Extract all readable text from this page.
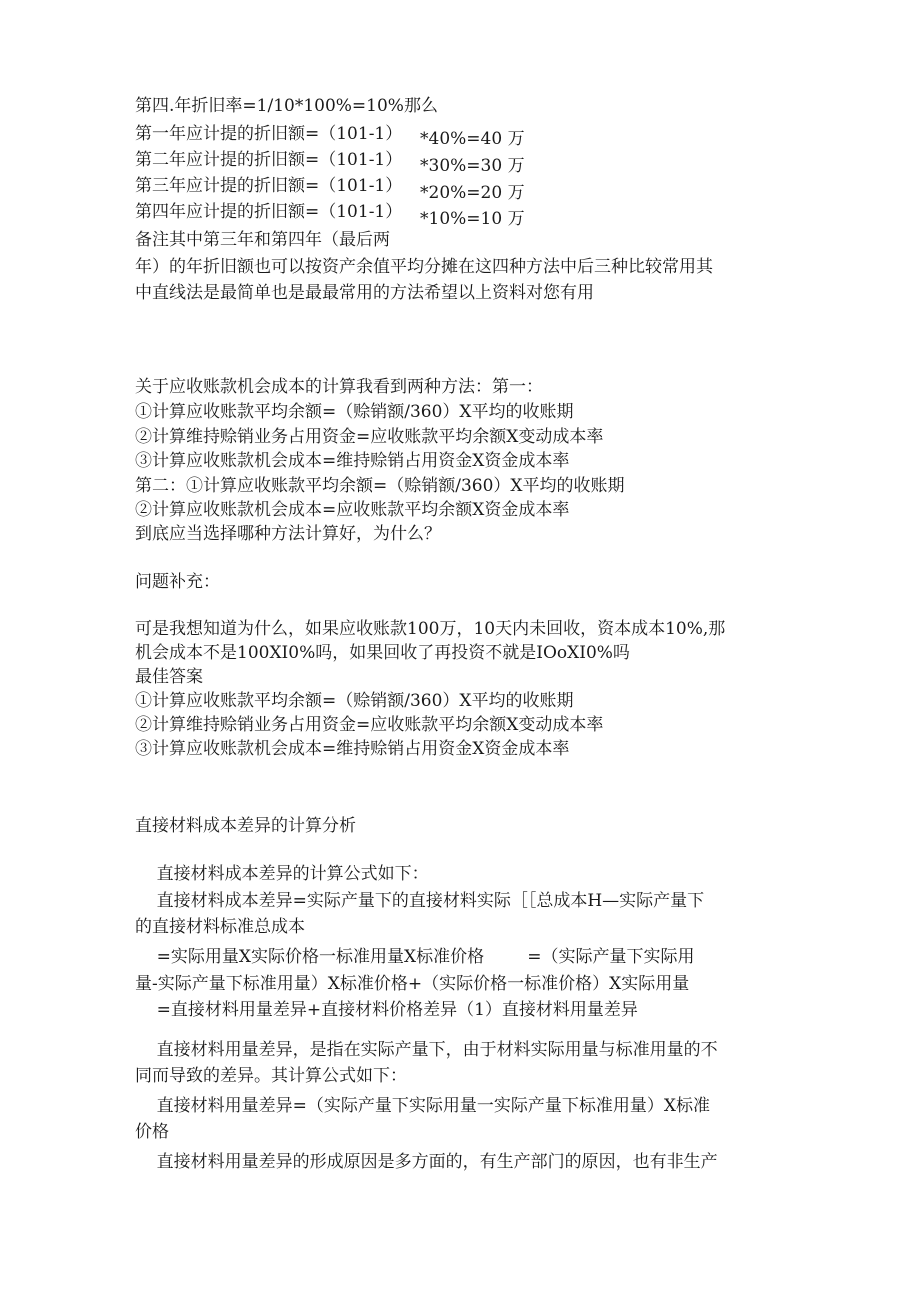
第四.年折旧率=1/10*100%=10%那么
第一年应计提的折旧额=（101-1） *40%=40 万
第二年应计提的折旧额=（101-1） *30%=30 万
第三年应计提的折旧额=（101-1） *20%=20 万
第四年应计提的折旧额=（101-1） *10%=10 万
备注其中第三年和第四年（最后两
年）的年折旧额也可以按资产余值平均分摊在这四种方法中后三种比较常用其
中直线法是最简单也是最最常用的方法希望以上资料对您有用
关于应收账款机会成本的计算我看到两种方法：第一：
①计算应收账款平均余额=（赊销额/360）X平均的收账期
②计算维持赊销业务占用资金=应收账款平均余额X变动成本率
③计算应收账款机会成本=维持赊销占用资金X资金成本率
第二：①计算应收账款平均余额=（赊销额/360）X平均的收账期
②计算应收账款机会成本=应收账款平均余额X资金成本率
到底应当选择哪种方法计算好，为什么？
问题补充：
可是我想知道为什么，如果应收账款100万，10天内未回收，资本成本10%,那
机会成本不是100XI0%吗，如果回收了再投资不就是IOoXI0%吗
最佳答案
①计算应收账款平均余额=（赊销额/360）X平均的收账期
②计算维持赊销业务占用资金=应收账款平均余额X变动成本率
③计算应收账款机会成本=维持赊销占用资金X资金成本率
直接材料成本差异的计算分析
直接材料成本差异的计算公式如下：
直接材料成本差异=实际产量下的直接材料实际［［总成本H—实际产量下
的直接材料标准总成本
=实际用量X实际价格一标准用量X标准价格        =（实际产量下实际用
量-实际产量下标准用量）X标准价格+（实际价格一标准价格）X实际用量
=直接材料用量差异+直接材料价格差异（1）直接材料用量差异
直接材料用量差异，是指在实际产量下，由于材料实际用量与标准用量的不
同而导致的差异。其计算公式如下：
直接材料用量差异=（实际产量下实际用量一实际产量下标准用量）X标准
价格
直接材料用量差异的形成原因是多方面的，有生产部门的原因，也有非生产
